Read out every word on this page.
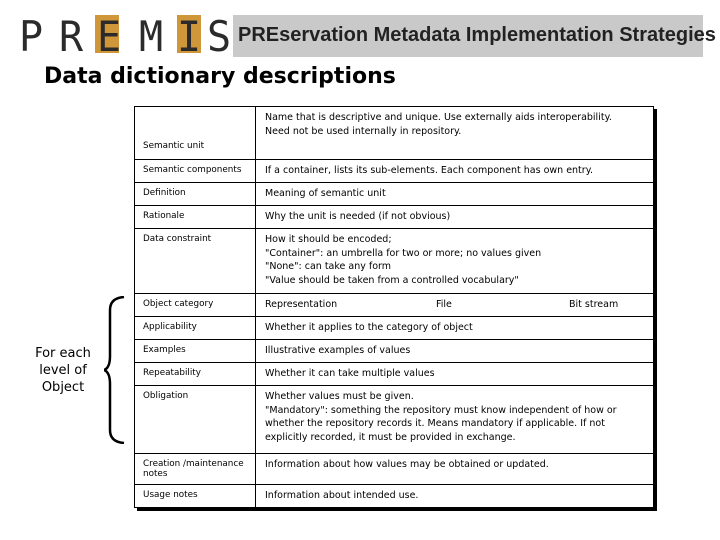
P R E M I S PREservation Metadata Implementation Strategies
Data dictionary descriptions
Semantic unit	Name that is descriptive and unique. Use externally aids interoperability.
Need not be used internally in repository.

Semantic components	If a container, lists its sub-elements. Each component has own entry.
Definition	Meaning of semantic unit
Rationale	Why the unit is needed (if not obvious)
Data constraint	How it should be encoded;
"Container": an umbrella for two or more; no values given
"None": can take any form
"Value should be taken from a controlled vocabulary"

Object category	Representation File Bit stream

Applicability	Whether it applies to the category of object
Examples	Illustrative examples of values
Repeatability	Whether it can take multiple values
Obligation	Whether values must be given.
"Mandatory": something the repository must know independent of how or
whether the repository records it. Means mandatory if applicable. If not
explicitly recorded, it must be provided in exchange.

Creation /maintenance notes	Information about how values may be obtained or updated.
Usage notes	Information about intended use.
For each
level of
Object
